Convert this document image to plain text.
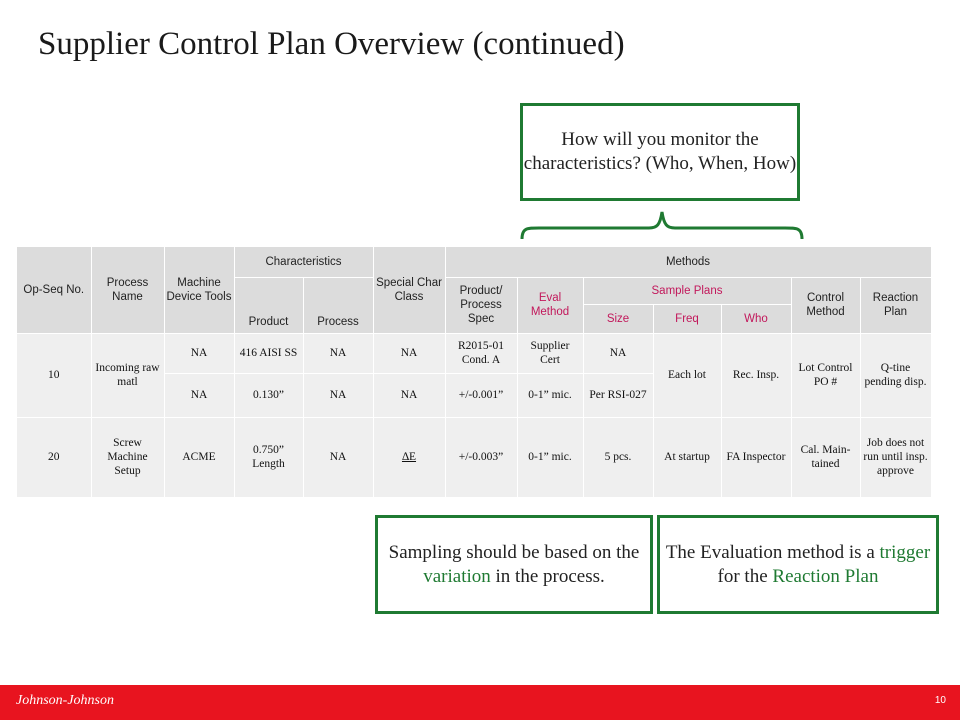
Supplier Control Plan Overview (continued)
How will you monitor the characteristics? (Who, When, How)
Op-Seq No.	Process Name	Machine Device Tools	Characteristics		Special Char Class	Methods						
			Product	Process		Product/ Process Spec	Eval Method	Sample Plans			Control Method	Reaction Plan
								Size	Freq	Who		
10	Incoming raw matl	NA	416 AISI SS	NA	NA	R2015-01 Cond. A	Supplier Cert	NA	Each lot	Rec. Insp.	Lot Control PO #	Q-tine pending disp.
		NA	0.130”	NA	NA	+/-0.001”	0-1” mic.	Per RSI-027				
20	Screw Machine Setup	ACME	0.750” Length	NA	∆E	+/-0.003”	0-1” mic.	5 pcs.	At startup	FA Inspector	Cal. Main-tained	Job does not run until insp. approve
Sampling should be based on the variation in the process.
The Evaluation method is a trigger for the Reaction Plan
Johnson-Johnson	10
